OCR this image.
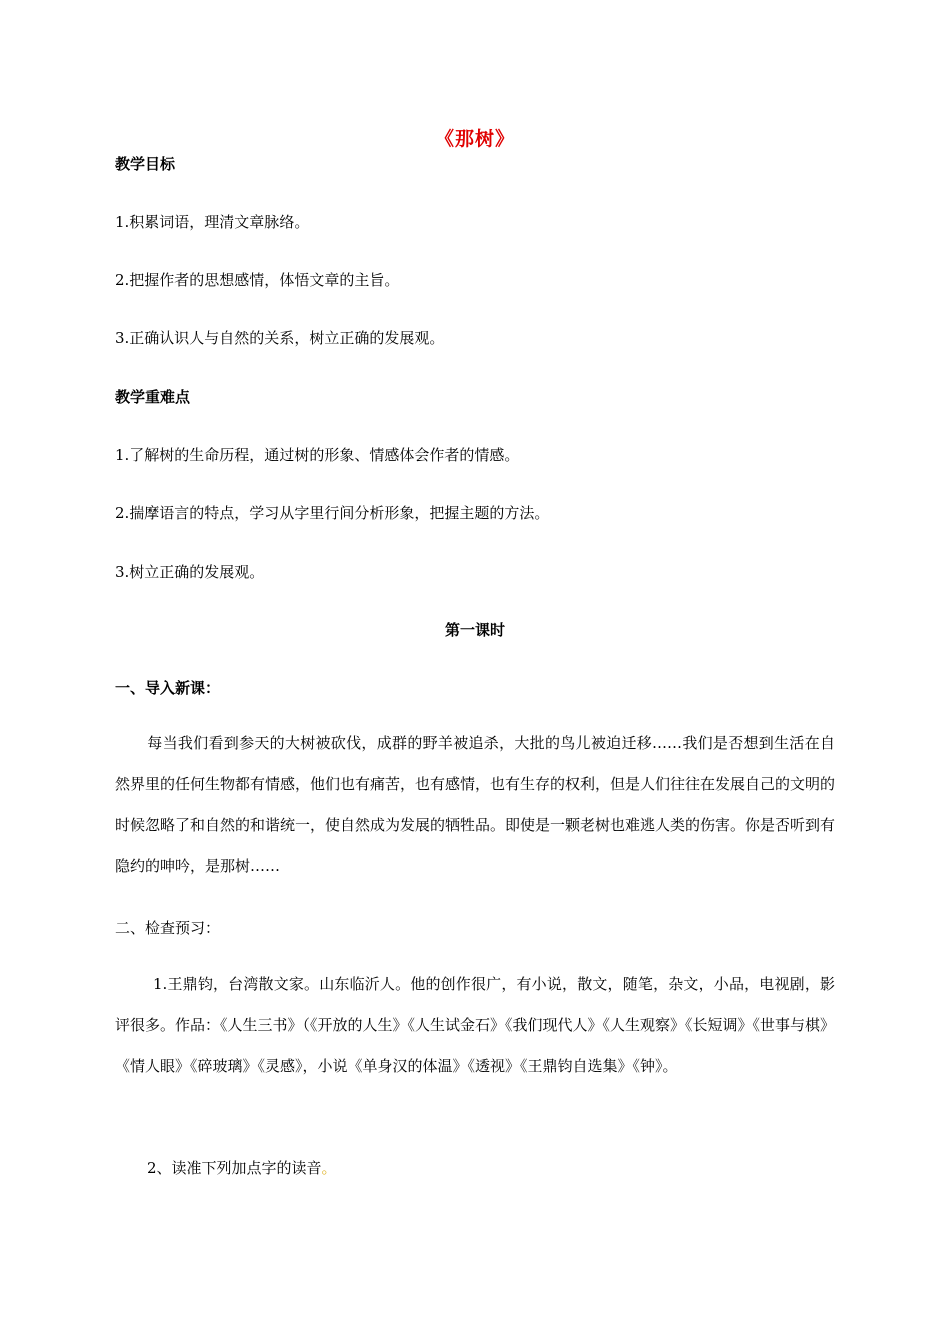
《那树》
教学目标
1.积累词语，理清文章脉络。
2.把握作者的思想感情，体悟文章的主旨。
3.正确认识人与自然的关系，树立正确的发展观。
教学重难点
1.了解树的生命历程，通过树的形象、情感体会作者的情感。
2.揣摩语言的特点，学习从字里行间分析形象，把握主题的方法。
3.树立正确的发展观。
第一课时
一、导入新课：
每当我们看到参天的大树被砍伐，成群的野羊被追杀，大批的鸟儿被迫迁移……我们是否想到生活在自然界里的任何生物都有情感，他们也有痛苦，也有感情，也有生存的权利，但是人们往往在发展自己的文明的时候忽略了和自然的和谐统一，使自然成为发展的牺牲品。即使是一颗老树也难逃人类的伤害。你是否听到有隐约的呻吟，是那树……
二、检查预习：
1.王鼎钧，台湾散文家。山东临沂人。他的创作很广，有小说，散文，随笔，杂文，小品，电视剧，影评很多。作品：《人生三书》（《开放的人生》《人生试金石》《我们现代人》《人生观察》《长短调》《世事与棋》《情人眼》《碎玻璃》《灵感》，小说《单身汉的体温》《透视》《王鼎钧自选集》《钟》。
2、读准下列加点字的读音。
